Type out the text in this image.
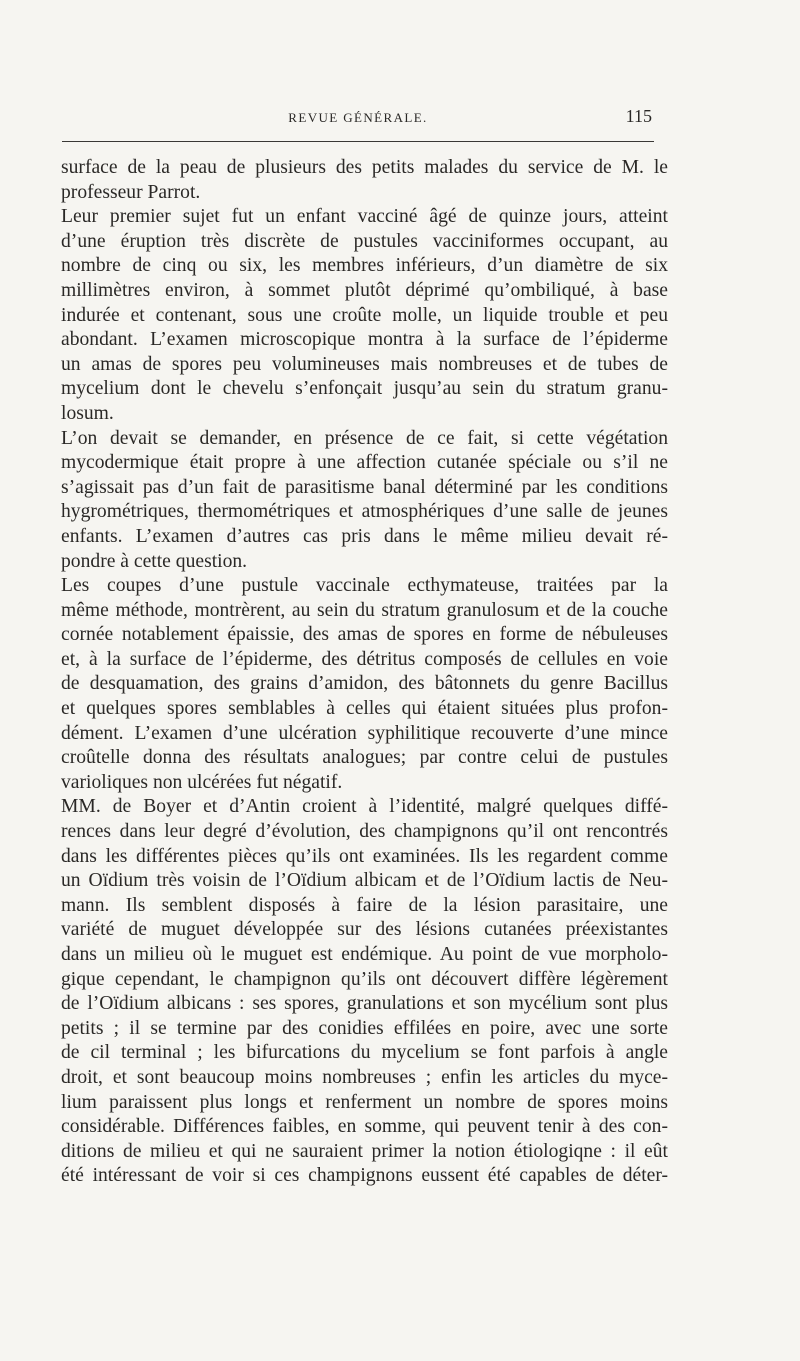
REVUE GÉNÉRALE.	115
surface de la peau de plusieurs des petits malades du service de M. le
professeur Parrot.
Leur premier sujet fut un enfant vacciné âgé de quinze jours, atteint
d’une éruption très discrète de pustules vacciniformes occupant, au
nombre de cinq ou six, les membres inférieurs, d’un diamètre de six
millimètres environ, à sommet plutôt déprimé qu’ombiliqué, à base
indurée et contenant, sous une croûte molle, un liquide trouble et peu
abondant. L’examen microscopique montra à la surface de l’épiderme
un amas de spores peu volumineuses mais nombreuses et de tubes de
mycelium dont le chevelu s’enfonçait jusqu’au sein du stratum granu-
losum.
L’on devait se demander, en présence de ce fait, si cette végétation
mycodermique était propre à une affection cutanée spéciale ou s’il ne
s’agissait pas d’un fait de parasitisme banal déterminé par les conditions
hygrométriques, thermométriques et atmosphériques d’une salle de jeunes
enfants. L’examen d’autres cas pris dans le même milieu devait ré-
pondre à cette question.
Les coupes d’une pustule vaccinale ecthymateuse, traitées par la
même méthode, montrèrent, au sein du stratum granulosum et de la couche
cornée notablement épaissie, des amas de spores en forme de nébuleuses
et, à la surface de l’épiderme, des détritus composés de cellules en voie
de desquamation, des grains d’amidon, des bâtonnets du genre Bacillus
et quelques spores semblables à celles qui étaient situées plus profon-
dément. L’examen d’une ulcération syphilitique recouverte d’une mince
croûtelle donna des résultats analogues; par contre celui de pustules
varioliques non ulcérées fut négatif.
MM. de Boyer et d’Antin croient à l’identité, malgré quelques diffé-
rences dans leur degré d’évolution, des champignons qu’il ont rencontrés
dans les différentes pièces qu’ils ont examinées. Ils les regardent comme
un Oïdium très voisin de l’Oïdium albicam et de l’Oïdium lactis de Neu-
mann. Ils semblent disposés à faire de la lésion parasitaire, une
variété de muguet développée sur des lésions cutanées préexistantes
dans un milieu où le muguet est endémique. Au point de vue morpholo-
gique cependant, le champignon qu’ils ont découvert diffère légèrement
de l’Oïdium albicans : ses spores, granulations et son mycélium sont plus
petits ; il se termine par des conidies effilées en poire, avec une sorte
de cil terminal ; les bifurcations du mycelium se font parfois à angle
droit, et sont beaucoup moins nombreuses ; enfin les articles du myce-
lium paraissent plus longs et renferment un nombre de spores moins
considérable. Différences faibles, en somme, qui peuvent tenir à des con-
ditions de milieu et qui ne sauraient primer la notion étiologiqne : il eût
été intéressant de voir si ces champignons eussent été capables de déter-
